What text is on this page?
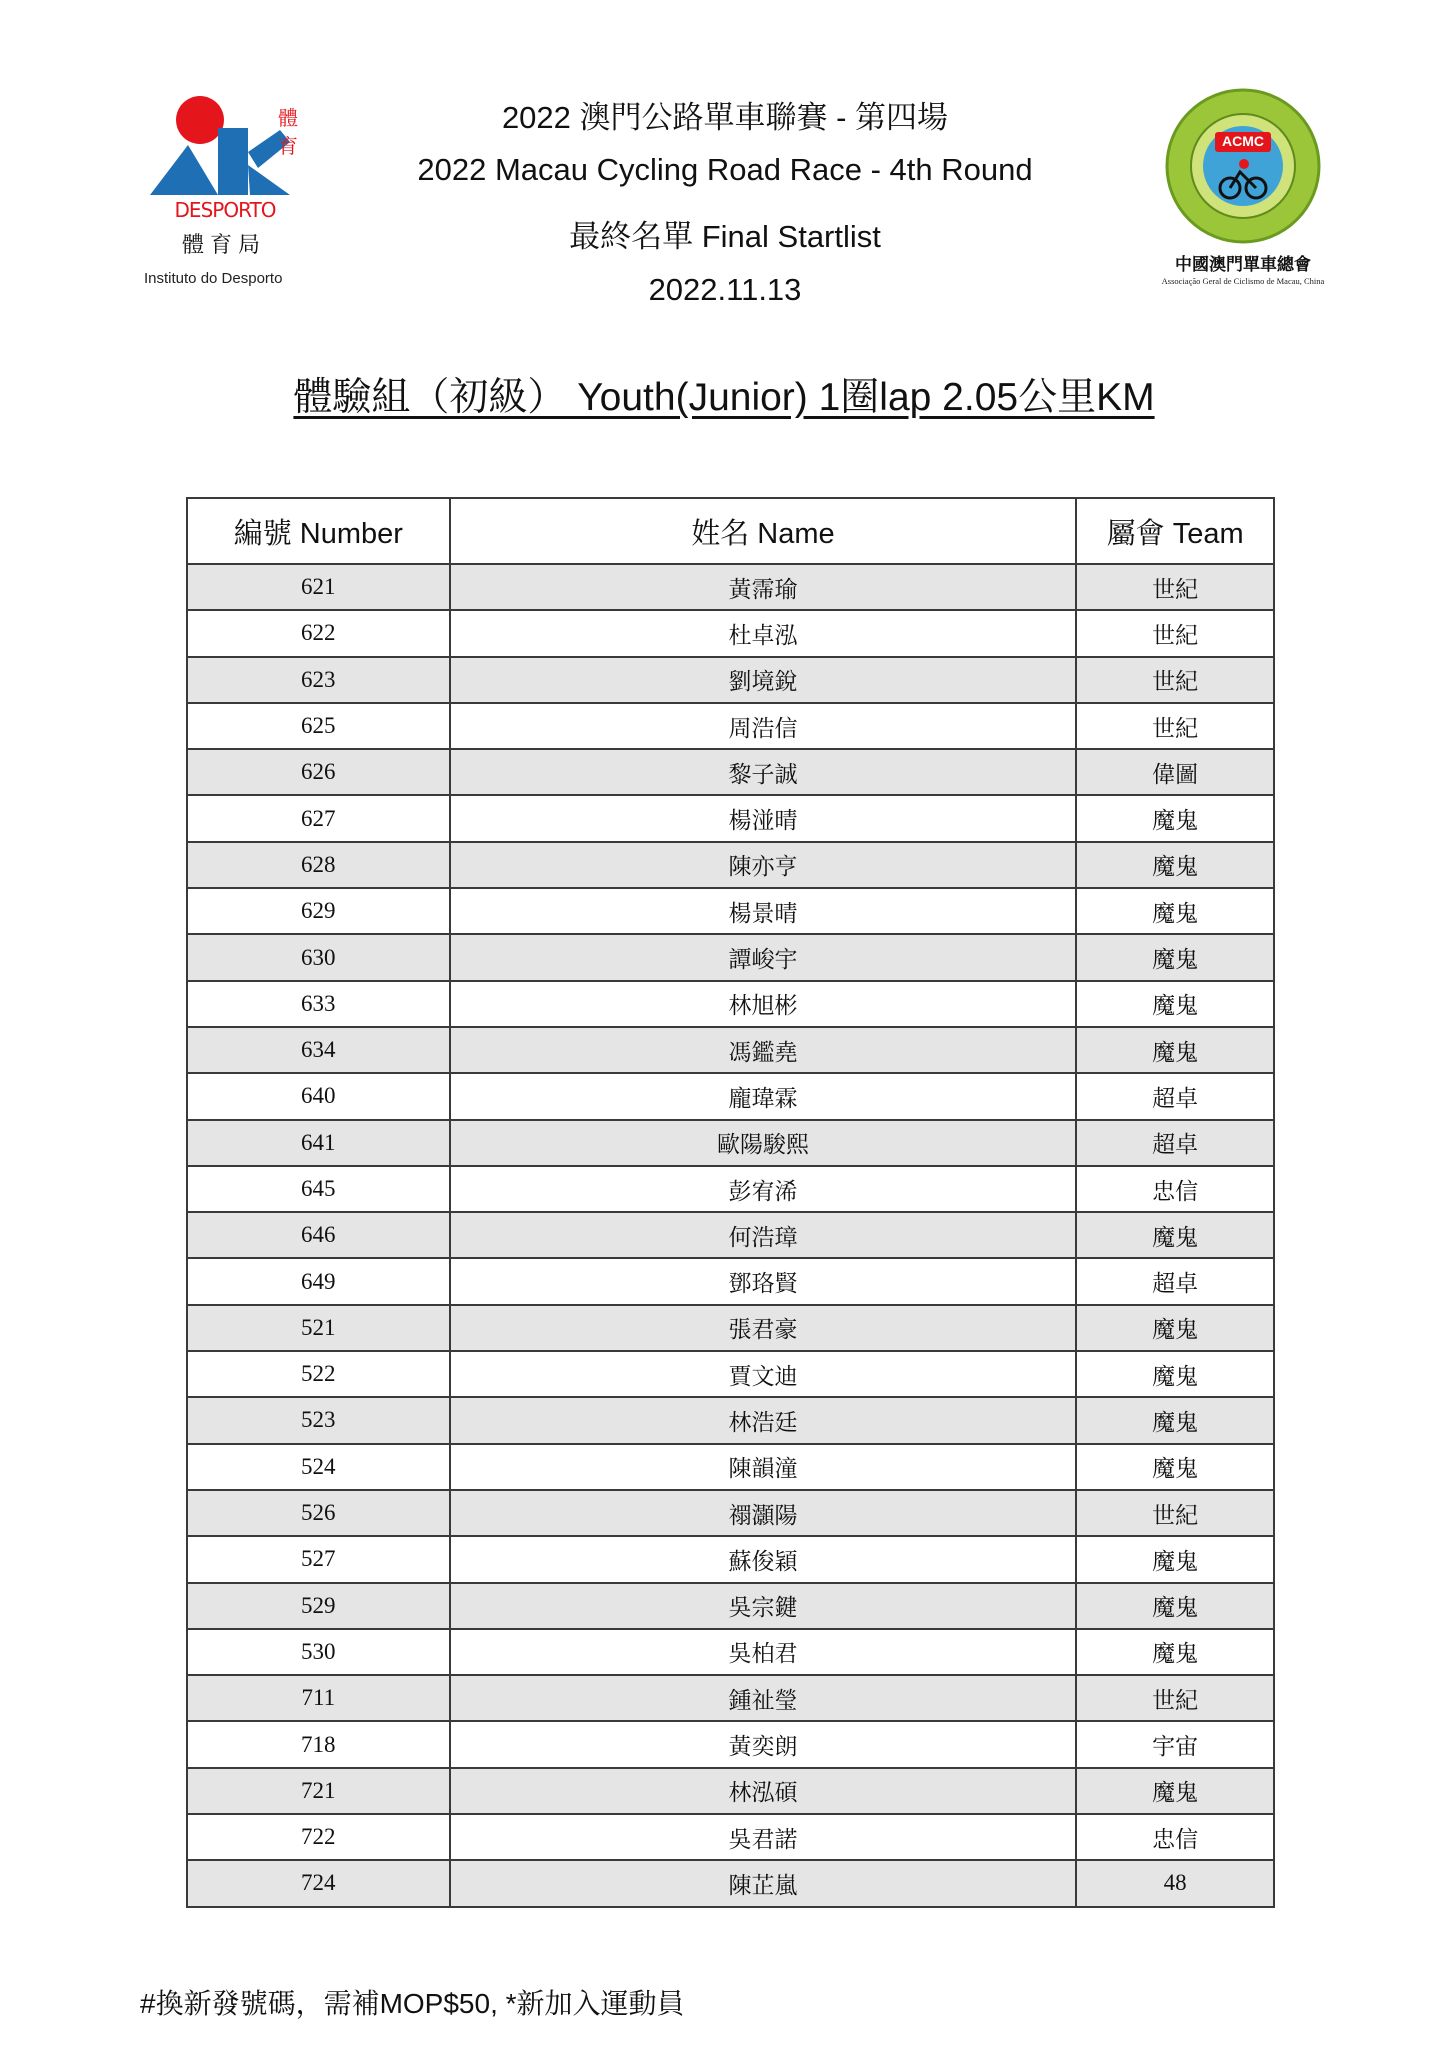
體
育
DESPORTO
體育局
Instituto do Desporto
2022 澳門公路單車聯賽 - 第四場
2022 Macau Cycling Road Race - 4th Round
最終名單 Final Startlist
2022.11.13
ACMC
中國澳門單車總會
Associação Geral de Ciclismo de Macau, China
體驗組（初級） Youth(Junior) 1圈lap 2.05公里KM
編號 Number	姓名 Name	屬會 Team
621	黃霈瑜	世紀
622	杜卓泓	世紀
623	劉境銳	世紀
625	周浩信	世紀
626	黎子誠	偉圖
627	楊湴晴	魔鬼
628	陳亦亨	魔鬼
629	楊景晴	魔鬼
630	譚峻宇	魔鬼
633	林旭彬	魔鬼
634	馮鑑堯	魔鬼
640	龐瑋霖	超卓
641	歐陽駿熙	超卓
645	彭宥浠	忠信
646	何浩璋	魔鬼
649	鄧珞賢	超卓
521	張君豪	魔鬼
522	賈文迪	魔鬼
523	林浩廷	魔鬼
524	陳韻潼	魔鬼
526	禤灝陽	世紀
527	蘇俊穎	魔鬼
529	吳宗鍵	魔鬼
530	吳柏君	魔鬼
711	鍾祉瑩	世紀
718	黃奕朗	宇宙
721	林泓碩	魔鬼
722	吳君諾	忠信
724	陳芷嵐	48
#換新發號碼，需補MOP$50, *新加入運動員
